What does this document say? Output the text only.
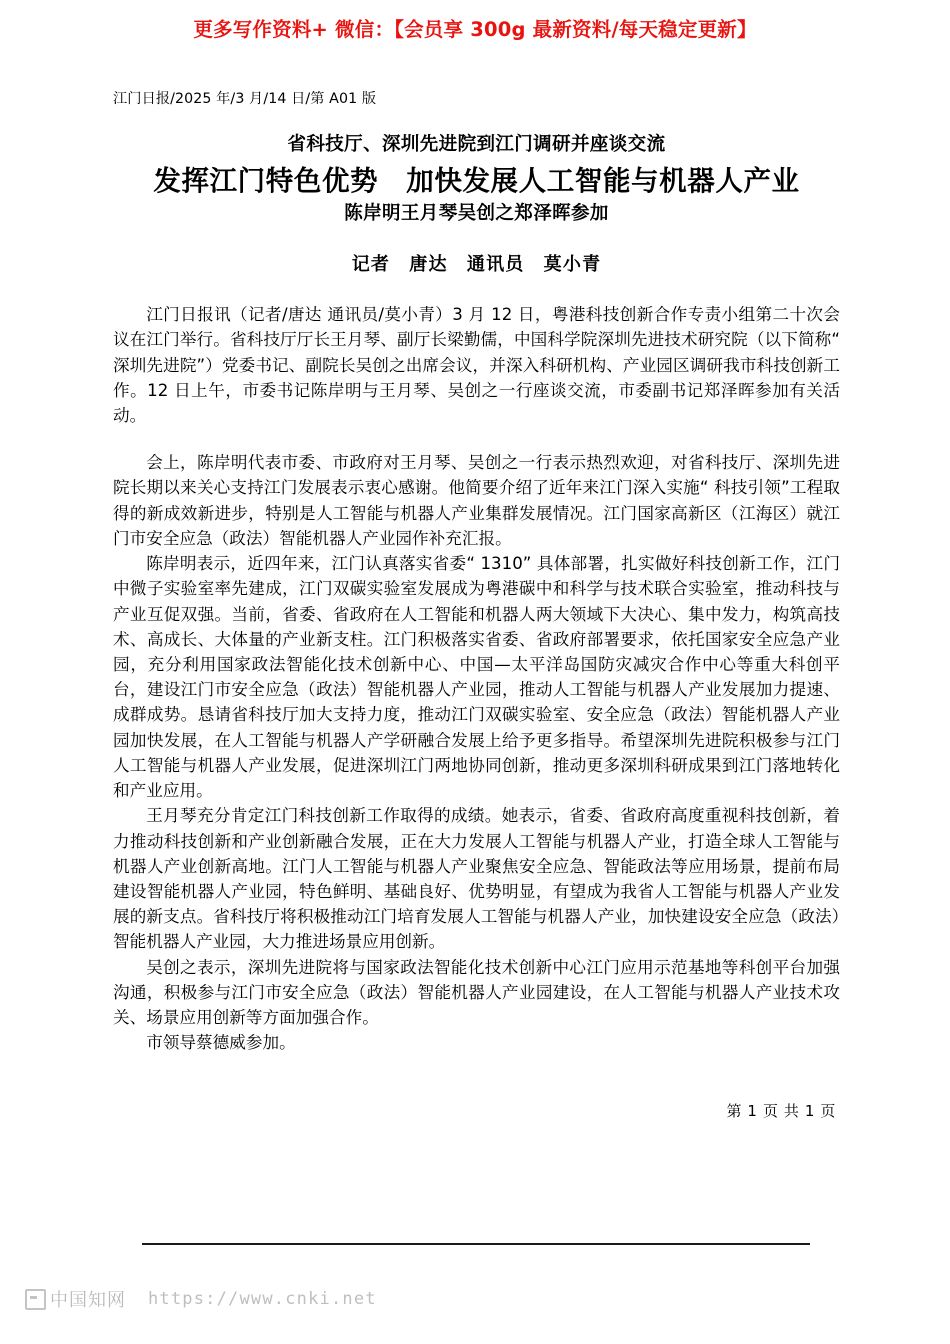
更多写作资料+ 微信：【会员享 300g 最新资料/每天稳定更新】
江门日报/2025 年/3 月/14 日/第 A01 版
省科技厅、深圳先进院到江门调研并座谈交流
发挥江门特色优势　加快发展人工智能与机器人产业
陈岸明王月琴吴创之郑泽晖参加
记者　唐达　通讯员　莫小青

江门日报讯（记者/唐达 通讯员/莫小青）3 月 12 日，粤港科技创新合作专责小组第二十次会议在江门举行。省科技厅厅长王月琴、副厅长梁勤儒，中国科学院深圳先进技术研究院（以下简称“ 深圳先进院”）党委书记、副院长吴创之出席会议，并深入科研机构、产业园区调研我市科技创新工作。12 日上午，市委书记陈岸明与王月琴、吴创之一行座谈交流，市委副书记郑泽晖参加有关活动。

会上，陈岸明代表市委、市政府对王月琴、吴创之一行表示热烈欢迎，对省科技厅、深圳先进院长期以来关心支持江门发展表示衷心感谢。他简要介绍了近年来江门深入实施“ 科技引领”工程取得的新成效新进步，特别是人工智能与机器人产业集群发展情况。江门国家高新区（江海区）就江门市安全应急（政法）智能机器人产业园作补充汇报。

陈岸明表示，近四年来，江门认真落实省委“ 1310” 具体部署，扎实做好科技创新工作，江门中微子实验室率先建成，江门双碳实验室发展成为粤港碳中和科学与技术联合实验室，推动科技与产业互促双强。当前，省委、省政府在人工智能和机器人两大领域下大决心、集中发力，构筑高技术、高成长、大体量的产业新支柱。江门积极落实省委、省政府部署要求，依托国家安全应急产业园，充分利用国家政法智能化技术创新中心、中国—太平洋岛国防灾减灾合作中心等重大科创平台，建设江门市安全应急（政法）智能机器人产业园，推动人工智能与机器人产业发展加力提速、成群成势。恳请省科技厅加大支持力度，推动江门双碳实验室、安全应急（政法）智能机器人产业园加快发展，在人工智能与机器人产学研融合发展上给予更多指导。希望深圳先进院积极参与江门人工智能与机器人产业发展，促进深圳江门两地协同创新，推动更多深圳科研成果到江门落地转化和产业应用。

王月琴充分肯定江门科技创新工作取得的成绩。她表示，省委、省政府高度重视科技创新，着力推动科技创新和产业创新融合发展，正在大力发展人工智能与机器人产业，打造全球人工智能与机器人产业创新高地。江门人工智能与机器人产业聚焦安全应急、智能政法等应用场景，提前布局建设智能机器人产业园，特色鲜明、基础良好、优势明显，有望成为我省人工智能与机器人产业发展的新支点。省科技厅将积极推动江门培育发展人工智能与机器人产业，加快建设安全应急（政法）智能机器人产业园，大力推进场景应用创新。

吴创之表示，深圳先进院将与国家政法智能化技术创新中心江门应用示范基地等科创平台加强沟通，积极参与江门市安全应急（政法）智能机器人产业园建设，在人工智能与机器人产业技术攻关、场景应用创新等方面加强合作。

市领导蔡德威参加。

第 1 页 共 1 页
中国知网 https://www.cnki.net
